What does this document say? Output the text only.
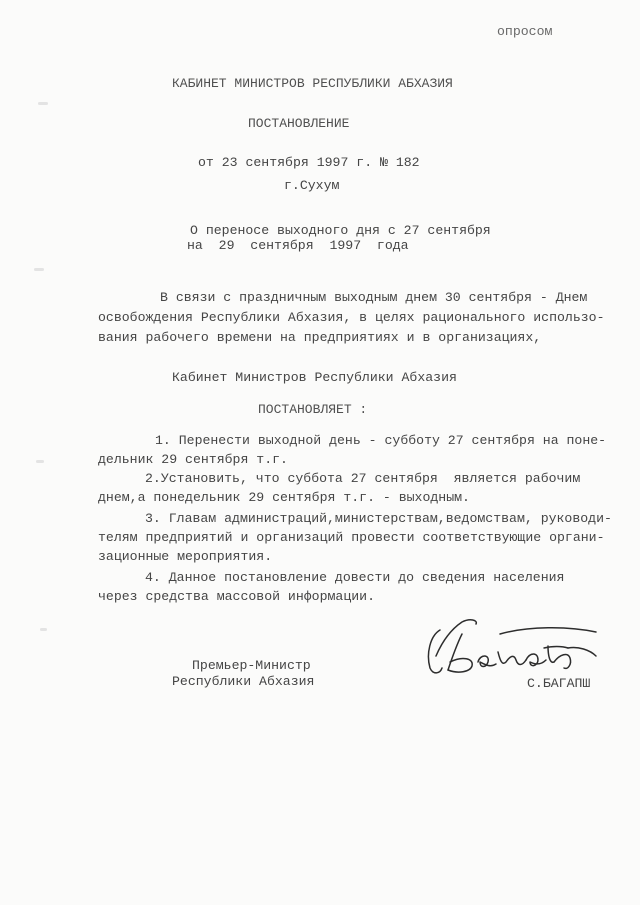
опросом
КАБИНЕТ МИНИСТРОВ РЕСПУБЛИКИ АБХАЗИЯ
ПОСТАНОВЛЕНИЕ
от 23 сентября 1997 г. № 182
г.Сухум
О переносе выходного дня с 27 сентября
на  29  сентября  1997  года
В связи с праздничным выходным днем 30 сентября - Днем
освобождения Республики Абхазия, в целях рационального использо-
вания рабочего времени на предприятиях и в организациях,
Кабинет Министров Республики Абхазия
ПОСТАНОВЛЯЕТ :
1. Перенести выходной день - субботу 27 сентября на поне-
дельник 29 сентября т.г.
2.Установить, что суббота 27 сентября  является рабочим
днем,а понедельник 29 сентября т.г. - выходным.
3. Главам администраций,министерствам,ведомствам, руководи-
телям предприятий и организаций провести соответствующие органи-
зационные мероприятия.
4. Данное постановление довести до сведения населения
через средства массовой информации.
Премьер-Министр
Республики Абхазия	С.БАГАПШ
